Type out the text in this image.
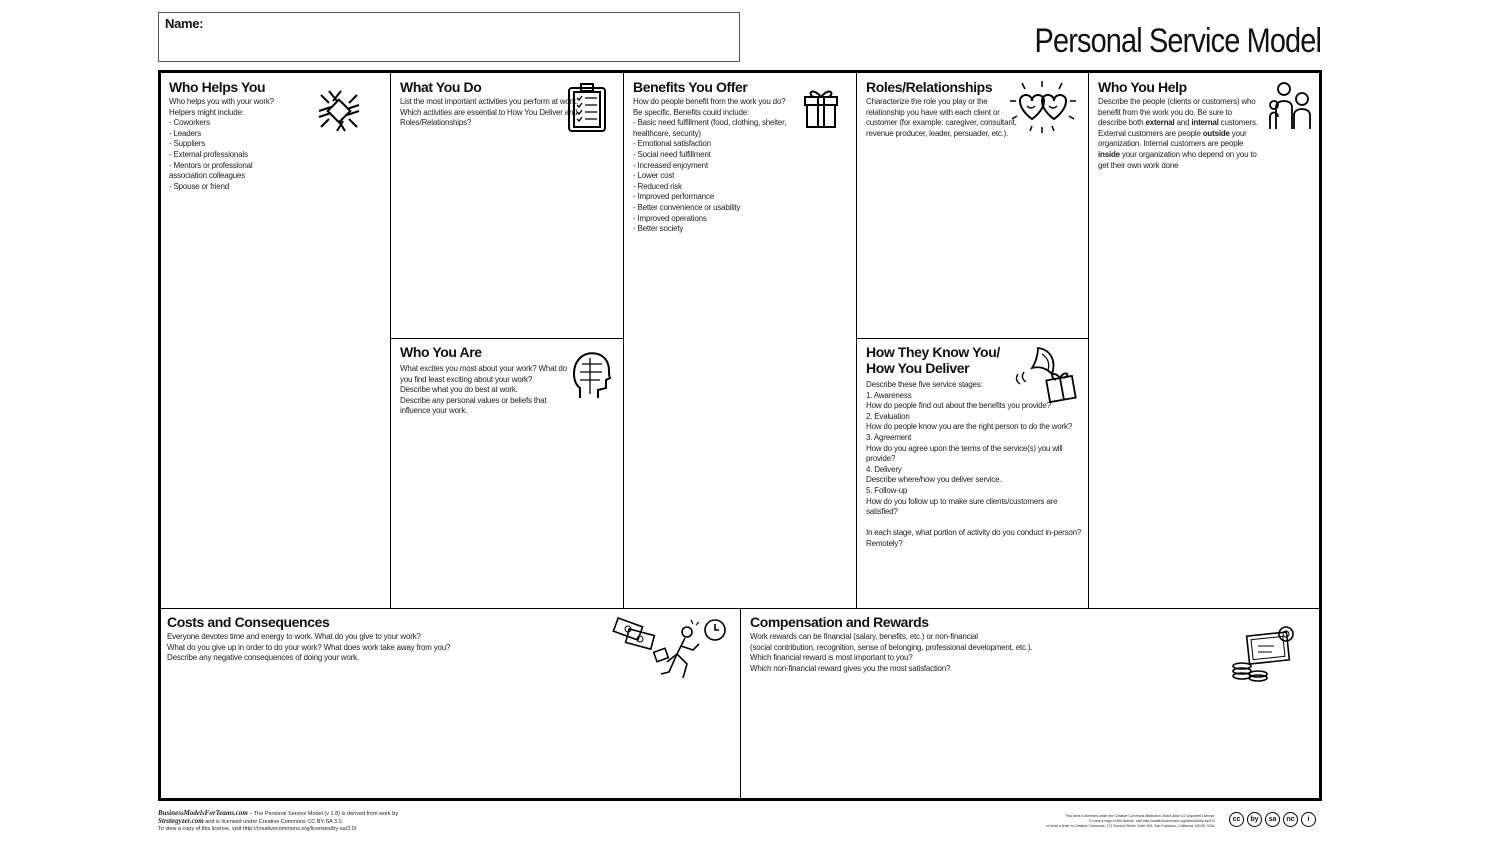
Name:	Personal Service Model
Who Helps You
Who helps you with your work?
Helpers might include:
- Coworkers
- Leaders
- Suppliers
- External professionals
- Mentors or professional
association colleagues
- Spouse or friend
What You Do
List the most important activities you perform at work.
Which activities are essential to How You Deliver and
Roles/Relationships?
Who You Are
What excites you most about your work? What do
you find least exciting about your work?
Describe what you do best at work.
Describe any personal values or beliefs that
influence your work.
Benefits You Offer
How do people benefit from the work you do?
Be specific. Benefits could include:
- Basic need fulfillment (food, clothing, shelter,
healthcare, security)
- Emotional satisfaction
- Social need fulfillment
- Increased enjoyment
- Lower cost
- Reduced risk
- Improved performance
- Better convenience or usability
- Improved operations
- Better society
Roles/Relationships
Characterize the role you play or the
relationship you have with each client or
customer (for example: caregiver, consultant,
revenue producer, leader, persuader, etc.).
How They Know You/
How You Deliver
Describe these five service stages:
1. Awareness
How do people find out about the benefits you provide?
2. Evaluation
How do people know you are the right person to do the work?
3. Agreement
How do you agree upon the terms of the service(s) you will provide?
4. Delivery
Describe where/how you deliver service.
5. Follow-up
How do you follow up to make sure clients/customers are satisfied?

In each stage, what portion of activity do you conduct in-person? Remotely?
Who You Help
Describe the people (clients or customers) who
benefit from the work you do. Be sure to
describe both external and internal customers.
External customers are people outside your
organization. Internal customers are people
inside your organization who depend on you to
get their own work done
Costs and Consequences
Everyone devotes time and energy to work. What do you give to your work?
What do you give up in order to do your work? What does work take away from you?
Describe any negative consequences of doing your work.
Compensation and Rewards
Work rewards can be financial (salary, benefits, etc.) or non-financial
(social contribution, recognition, sense of belonging, professional development, etc.).
Which financial reward is most important to you?
Which non-financial reward gives you the most satisfaction?
BusinessModelsForTeams.com – The Personal Service Model (v 1.8) is derived from work by
Strategyzer.com and is licensed under Creative Commons CC BY-SA 3.0.
To view a copy of this license, visit http://creativecommons.org/licenses/by-sa/3.0/
This work is licensed under the Creative Commons Attribution-Share Alike 3.0 Unported License.
To view a copy of this license, visit http://creativecommons.org/licenses/by-sa/3.0/
or send a letter to Creative Commons, 171 Second Street, Suite 300, San Francisco, California, 94105, USA.
cc	by	sa	nc	i
